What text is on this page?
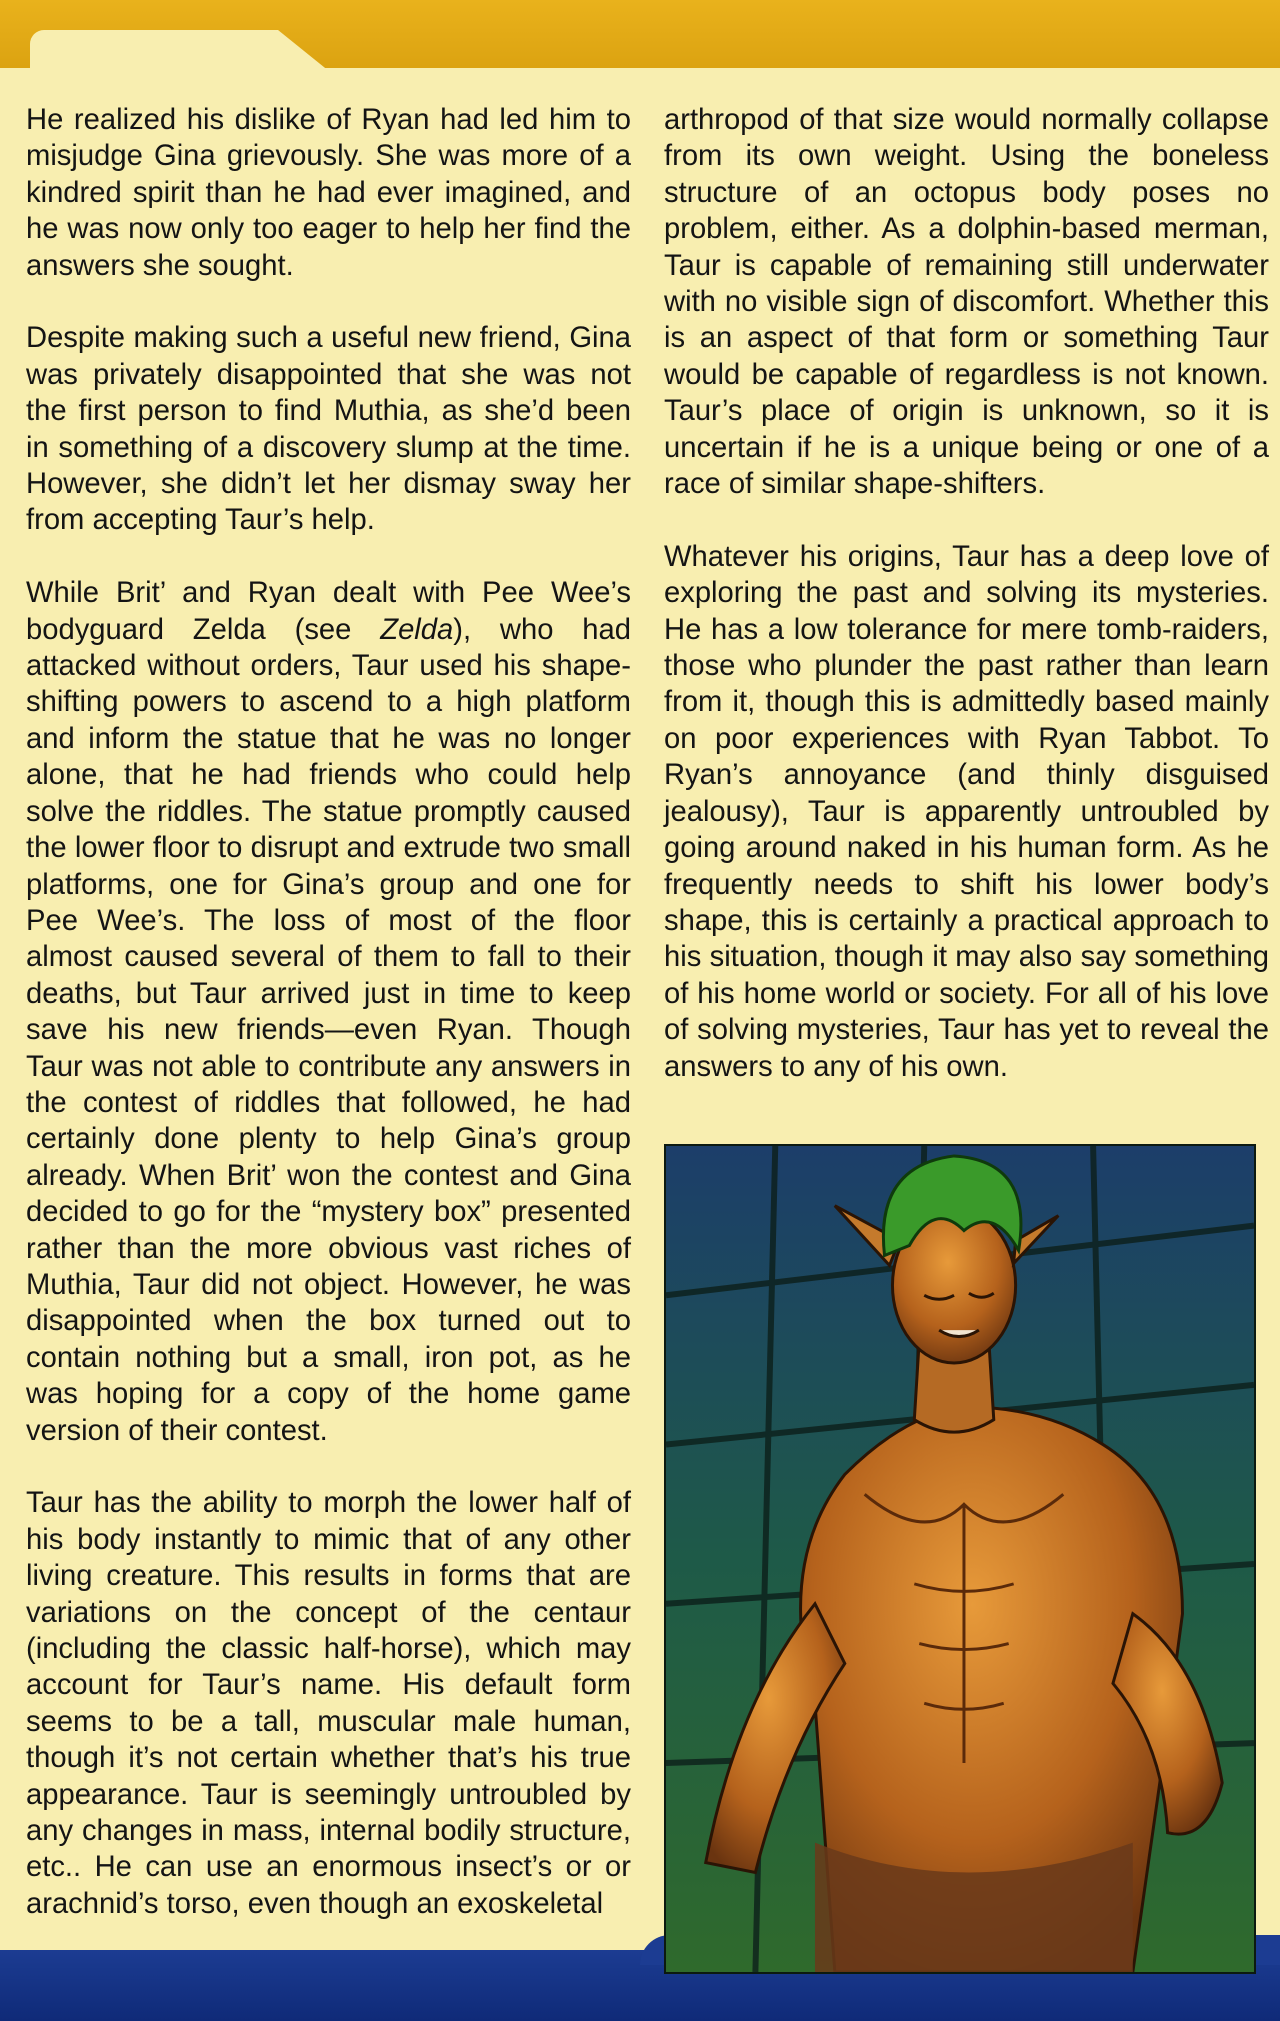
He realized his dislike of Ryan had led him to misjudge Gina grievously. She was more of a kindred spirit than he had ever imagined, and he was now only too eager to help her find the answers she sought.

Despite making such a useful new friend, Gina was privately disappointed that she was not the first person to find Muthia, as she’d been in something of a discovery slump at the time. However, she didn’t let her dismay sway her from accepting Taur’s help.

While Brit’ and Ryan dealt with Pee Wee’s bodyguard Zelda (see Zelda), who had attacked without orders, Taur used his shape-shifting powers to ascend to a high platform and inform the statue that he was no longer alone, that he had friends who could help solve the riddles. The statue promptly caused the lower floor to disrupt and extrude two small platforms, one for Gina’s group and one for Pee Wee’s. The loss of most of the floor almost caused several of them to fall to their deaths, but Taur arrived just in time to keep save his new friends—even Ryan. Though Taur was not able to contribute any answers in the contest of riddles that followed, he had certainly done plenty to help Gina’s group already. When Brit’ won the contest and Gina decided to go for the “mystery box” presented rather than the more obvious vast riches of Muthia, Taur did not object. However, he was disappointed when the box turned out to contain nothing but a small, iron pot, as he was hoping for a copy of the home game version of their contest.

Taur has the ability to morph the lower half of his body instantly to mimic that of any other living creature. This results in forms that are variations on the concept of the centaur (including the classic half-horse), which may account for Taur’s name. His default form seems to be a tall, muscular male human, though it’s not certain whether that’s his true appearance. Taur is seemingly untroubled by any changes in mass, internal bodily structure, etc.. He can use an enormous insect’s or or arachnid’s torso, even though an exoskeletal

arthropod of that size would normally collapse from its own weight. Using the boneless structure of an octopus body poses no problem, either. As a dolphin-based merman, Taur is capable of remaining still underwater with no visible sign of discomfort. Whether this is an aspect of that form or something Taur would be capable of regardless is not known. Taur’s place of origin is unknown, so it is uncertain if he is a unique being or one of a race of similar shape-shifters.

Whatever his origins, Taur has a deep love of exploring the past and solving its mysteries. He has a low tolerance for mere tomb-raiders, those who plunder the past rather than learn from it, though this is admittedly based mainly on poor experiences with Ryan Tabbot. To Ryan’s annoyance (and thinly disguised jealousy), Taur is apparently untroubled by going around naked in his human form. As he frequently needs to shift his lower body’s shape, this is certainly a practical approach to his situation, though it may also say something of his home world or society. For all of his love of solving mysteries, Taur has yet to reveal the answers to any of his own.
